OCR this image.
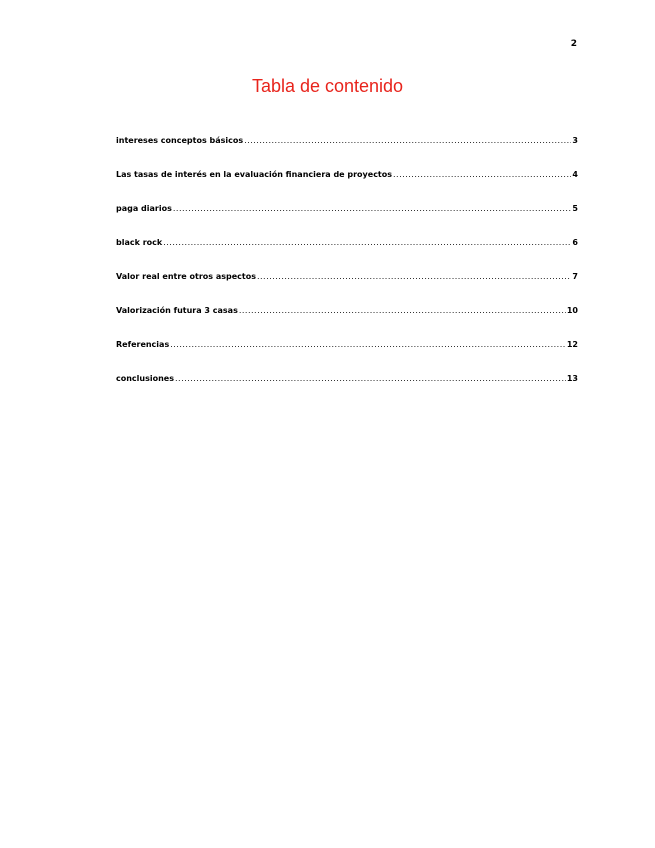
2
Tabla de contenido
intereses conceptos básicos .....	3
Las tasas de interés en la evaluación financiera de proyectos .....	4
paga diarios .....	5
black rock .....	6
Valor real entre otros aspectos .....	7
Valorización futura 3 casas .....	10
Referencias .....	12
conclusiones .....	13
